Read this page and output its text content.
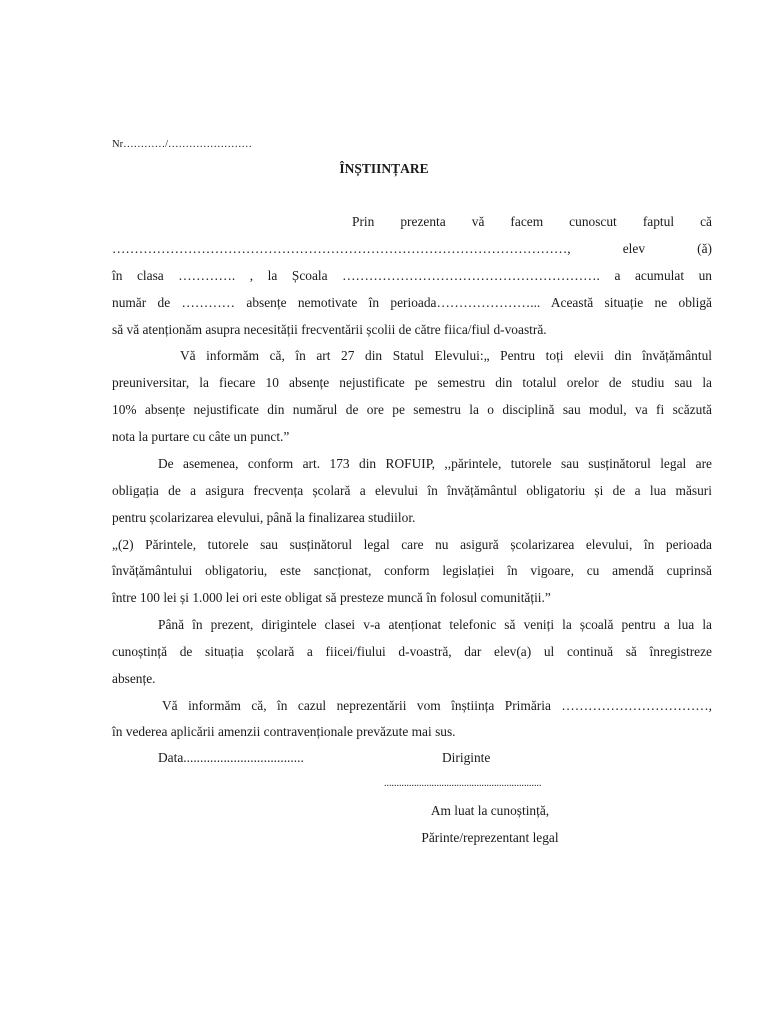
Nr…………/……………………
ÎNȘTIINȚARE
Prin prezenta vă facem cunoscut faptul că
…………………………………………………………………………………………, elev (ă)
în clasa …………. , la Școala …………………………………………………. a acumulat un
număr de ………… absențe nemotivate în perioada…………………... Această situație ne obligă
să vă atenționăm asupra necesității frecventării școlii de către fiica/fiul d-voastră.
Vă informăm că, în art 27 din Statul Elevului:„ Pentru toți elevii din învățământul
preuniversitar, la fiecare 10 absențe nejustificate pe semestru din totalul orelor de studiu sau la
10% absențe nejustificate din numărul de ore pe semestru la o disciplină sau modul, va fi scăzută
nota la purtare cu câte un punct.”
De asemenea, conform art. 173 din ROFUIP, ,,părintele, tutorele sau susținătorul legal are
obligația de a asigura frecvența școlară a elevului în învățământul obligatoriu și de a lua măsuri
pentru școlarizarea elevului, până la finalizarea studiilor.
„(2) Părintele, tutorele sau susținătorul legal care nu asigură școlarizarea elevului, în perioada
învățământului obligatoriu, este sancționat, conform legislației în vigoare, cu amendă cuprinsă
între 100 lei și 1.000 lei ori este obligat să presteze muncă în folosul comunității.”
Până în prezent, dirigintele clasei v-a atenționat telefonic să veniți la școală pentru a lua la
cunoștință de situația școlară a fiicei/fiului d-voastră, dar elev(a) ul continuă să înregistreze
absențe.
Vă informăm că, în cazul neprezentării vom înștiința Primăria ……………………………,
în vederea aplicării amenzii contravenționale prevăzute mai sus.
Data....................................	Diriginte
...............................................................
Am luat la cunoștință,
Părinte/reprezentant legal
